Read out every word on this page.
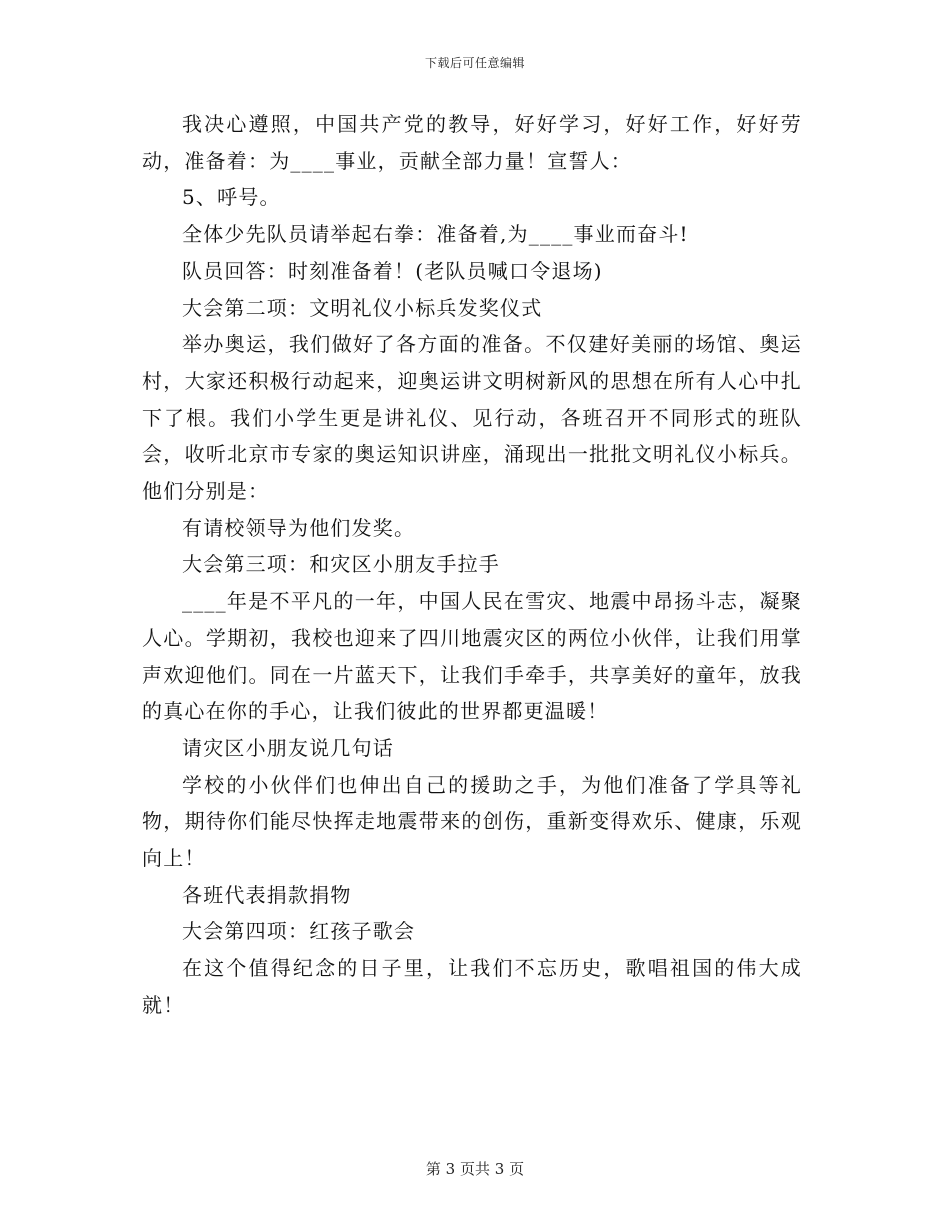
下载后可任意编辑

我决心遵照，中国共产党的教导，好好学习，好好工作，好好劳动，准备着：为____事业，贡献全部力量！宣誓人：

5、呼号。

全体少先队员请举起右拳：准备着,为____事业而奋斗!

队员回答：时刻准备着！(老队员喊口令退场)

大会第二项：文明礼仪小标兵发奖仪式

举办奥运，我们做好了各方面的准备。不仅建好美丽的场馆、奥运村，大家还积极行动起来，迎奥运讲文明树新风的思想在所有人心中扎下了根。我们小学生更是讲礼仪、见行动，各班召开不同形式的班队会，收听北京市专家的奥运知识讲座，涌现出一批批文明礼仪小标兵。他们分别是：

有请校领导为他们发奖。

大会第三项：和灾区小朋友手拉手

____年是不平凡的一年，中国人民在雪灾、地震中昂扬斗志，凝聚人心。学期初，我校也迎来了四川地震灾区的两位小伙伴，让我们用掌声欢迎他们。同在一片蓝天下，让我们手牵手，共享美好的童年，放我的真心在你的手心，让我们彼此的世界都更温暖！

请灾区小朋友说几句话

学校的小伙伴们也伸出自己的援助之手，为他们准备了学具等礼物，期待你们能尽快挥走地震带来的创伤，重新变得欢乐、健康，乐观向上！

各班代表捐款捐物

大会第四项：红孩子歌会

在这个值得纪念的日子里，让我们不忘历史，歌唱祖国的伟大成就！

第 3 页共 3 页
